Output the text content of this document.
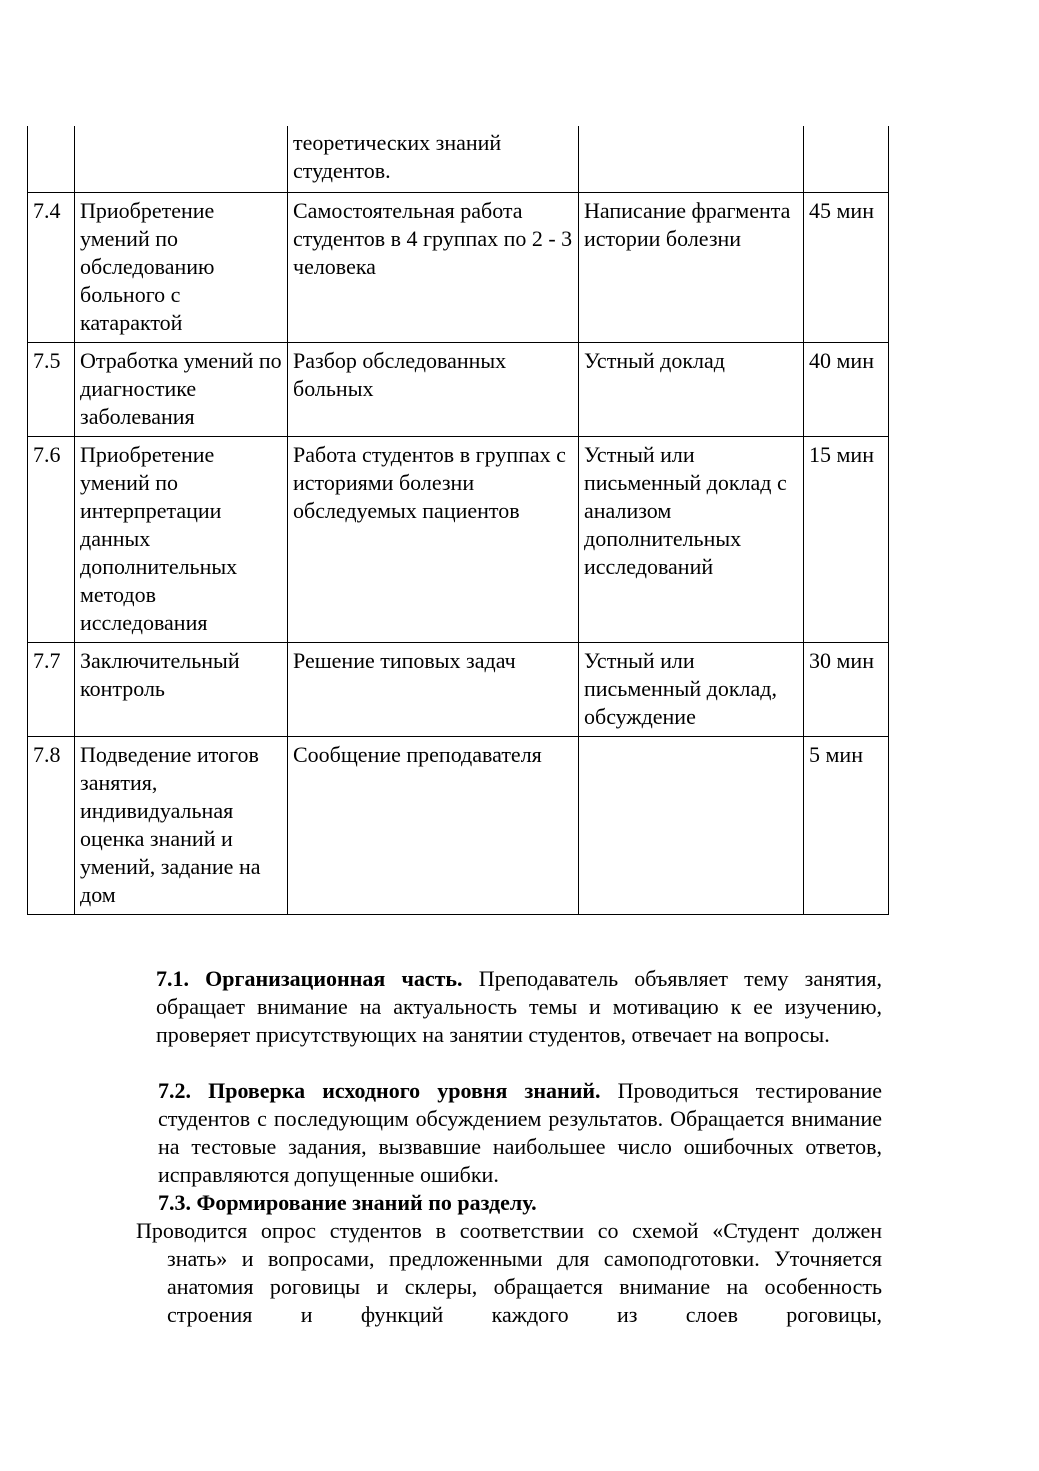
		теоретических знаний студентов.		
7.4	Приобретение умений по обследованию больного с катарактой	Самостоятельная работа студентов в 4 группах по 2 - 3 человека	Написание фрагмента истории болезни	45 мин
7.5	Отработка умений по диагностике заболевания	Разбор обследованных больных	Устный доклад	40 мин
7.6	Приобретение умений по интерпретации данных дополнительных методов исследования	Работа студентов в группах с историями болезни обследуемых пациентов	Устный или письменный доклад с анализом дополнительных исследований	15 мин
7.7	Заключительный контроль	Решение типовых задач	Устный или письменный доклад, обсуждение	30 мин
7.8	Подведение итогов занятия, индивидуальная оценка знаний и умений, задание на дом	Сообщение преподавателя		5 мин

7.1. Организационная часть. Преподаватель объявляет тему занятия, обращает внимание на актуальность темы и мотивацию к ее изучению, проверяет присутствующих на занятии студентов, отвечает на вопросы.

7.2. Проверка исходного уровня знаний. Проводиться тестирование студентов с последующим обсуждением результатов. Обращается внимание на тестовые задания, вызвавшие наибольшее число ошибочных ответов, исправляются допущенные ошибки.

7.3. Формирование знаний по разделу.

Проводится опрос студентов в соответствии со схемой «Студент должен знать» и вопросами, предложенными для самоподготовки. Уточняется анатомия роговицы и склеры, обращается внимание на особенность строения и функций каждого из слоев роговицы,
